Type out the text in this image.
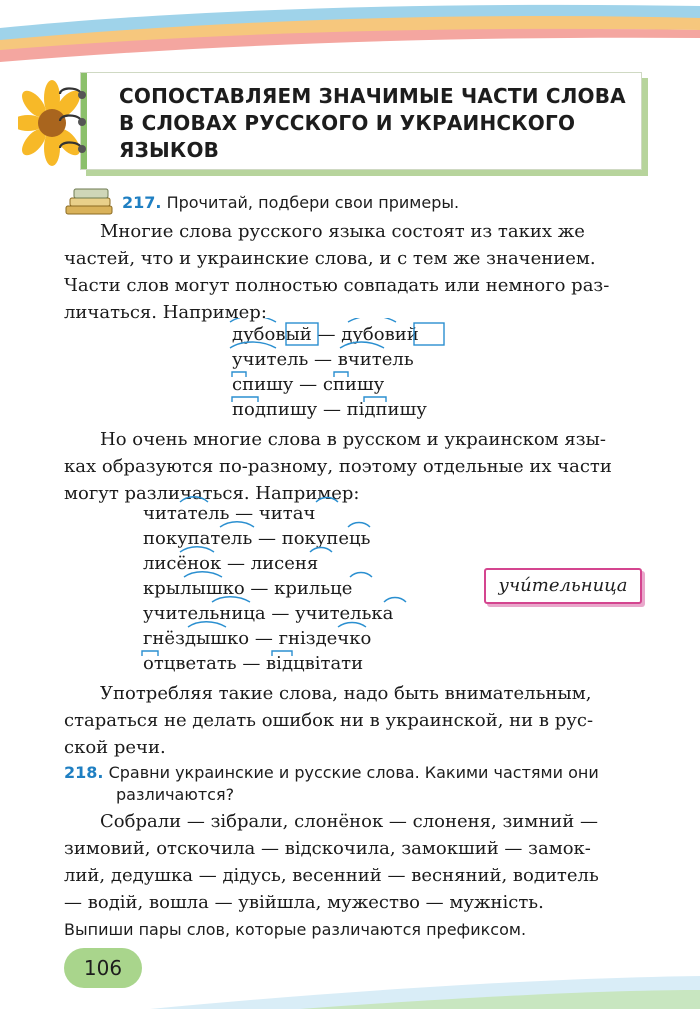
СОПОСТАВЛЯЕМ ЗНАЧИМЫЕ ЧАСТИ СЛОВА
В СЛОВАХ РУССКОГО И УКРАИНСКОГО
ЯЗЫКОВ
217. Прочитай, подбери свои примеры.

Многие слова русского языка состоят из таких же

частей, что и украинские слова, и с тем же значением.

Части слов могут полностью совпадать или немного раз-

личаться. Например:

дубовый — дубовий
учитель — вчитель
спишу — спишу
подпишу — підпишу

Но очень многие слова в русском и украинском язы-

ках образуются по-разному, поэтому отдельные их части

могут различаться. Например:

читатель — читач
покупатель — покупець
лисёнок — лисеня
крылышко — крильце
учительница — учителька
гнёздышко — гніздечко
отцветать — відцвітати
учи́тельница

Употребляя такие слова, надо быть внимательным,

стараться не делать ошибок ни в украинской, ни в рус-

ской речи.

218. Сравни украинские и русские слова. Какими частями они
различаются?

Собрали — зібрали, слонёнок — слоненя, зимний —

зимовий, отскочила — відскочила, замокший — замок-

лий, дедушка — дідусь, весенний — весняний, водитель

— водій, вошла — увійшла, мужество — мужність.

Выпиши пары слов, которые различаются префиксом.
106
